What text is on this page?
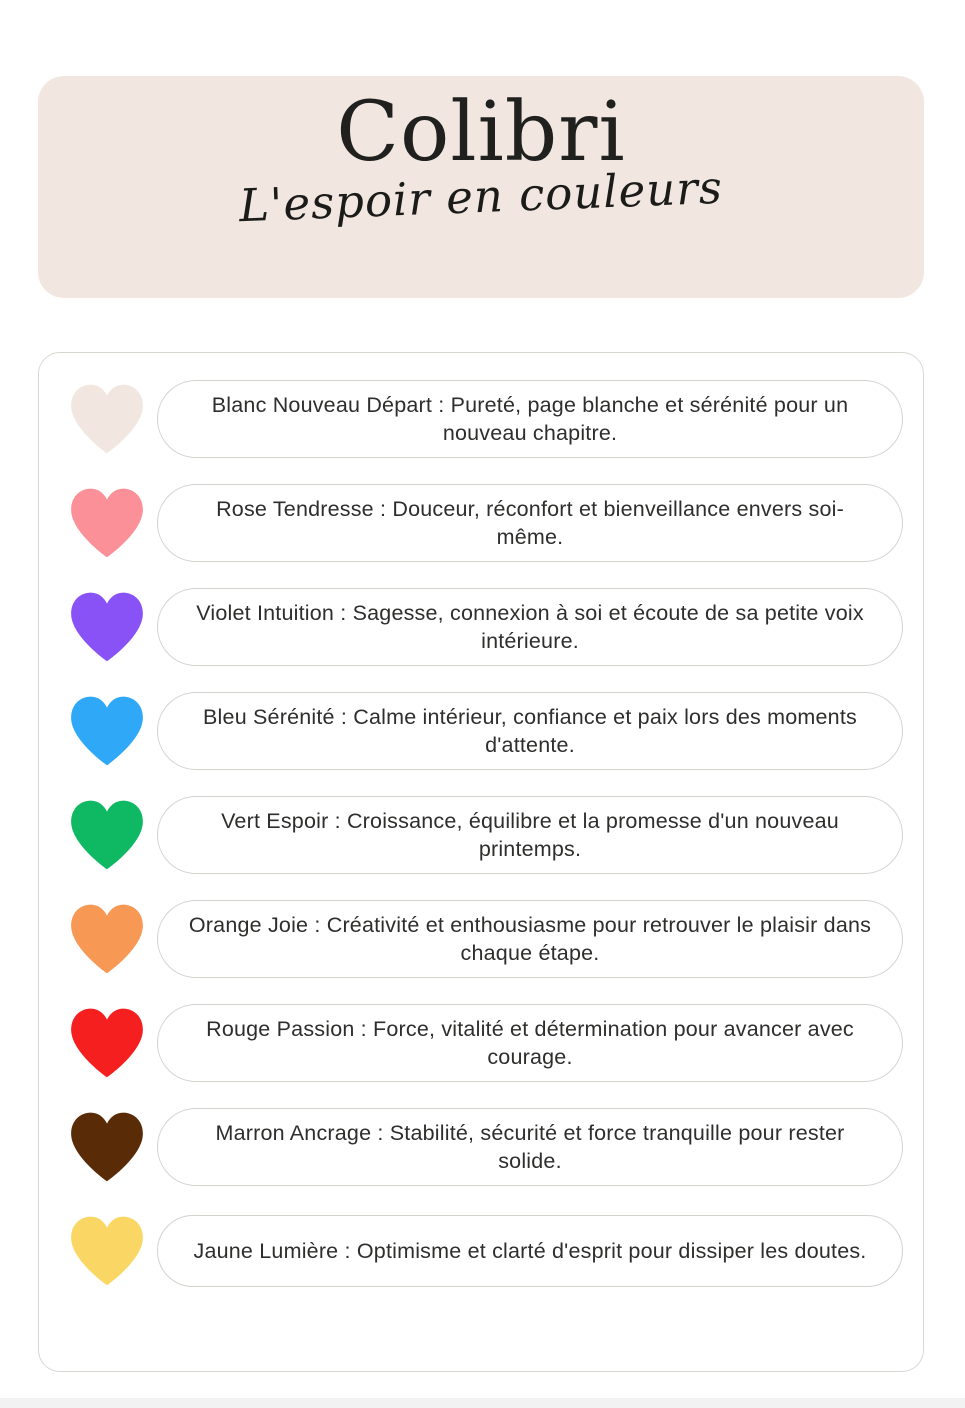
Colibri
L'espoir en couleurs
Blanc Nouveau Départ : Pureté, page blanche et sérénité pour un nouveau chapitre.
Rose Tendresse : Douceur, réconfort et bienveillance envers soi-même.
Violet Intuition : Sagesse, connexion à soi et écoute de sa petite voix intérieure.
Bleu Sérénité : Calme intérieur, confiance et paix lors des moments d'attente.
Vert Espoir : Croissance, équilibre et la promesse d'un nouveau printemps.
Orange Joie : Créativité et enthousiasme pour retrouver le plaisir dans chaque étape.
Rouge Passion : Force, vitalité et détermination pour avancer avec courage.
Marron Ancrage : Stabilité, sécurité et force tranquille pour rester solide.
Jaune Lumière : Optimisme et clarté d'esprit pour dissiper les doutes.
